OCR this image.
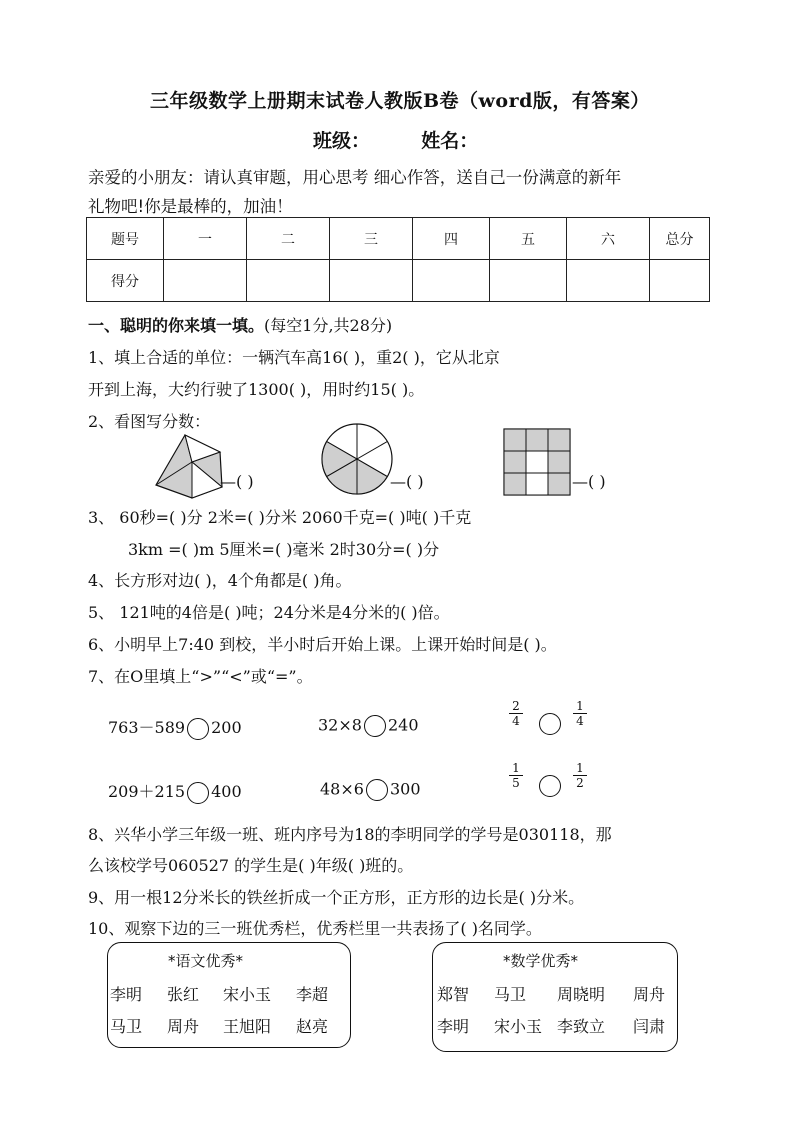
三年级数学上册期末试卷人教版B卷（word版，有答案）
班级：	姓名：
亲爱的小朋友：请认真审题，用心思考 细心作答，送自己一份满意的新年
礼物吧!你是最棒的，加油！
题号	一	二	三	四	五	六	总分
得分							
一、聪明的你来填一填。(每空1分,共28分)
1、填上合适的单位：一辆汽车高16( )，重2( )，它从北京
开到上海，大约行驶了1300( )，用时约15( )。
2、看图写分数：
—( )	—( )	—( )
3、 60秒=( )分 2米=( )分米 2060千克=( )吨( )千克
3km =( )m 5厘米=( )毫米 2时30分=( )分
4、长方形对边( )，4个角都是( )角。
5、 121吨的4倍是( )吨；24分米是4分米的( )倍。
6、小明早上7:40 到校，半小时后开始上课。上课开始时间是( )。
7、在O里填上“>”“<”或“=”。
763－589 200	32×8 240	$\frac{2}{4}$	$\frac{1}{4}$
209＋215 400	48×6 300	$\frac{1}{5}$	$\frac{1}{2}$
8、兴华小学三年级一班、班内序号为18的李明同学的学号是030118，那
么该校学号060527 的学生是( )年级( )班的。
9、用一根12分米长的铁丝折成一个正方形，正方形的边长是( )分米。
10、观察下边的三一班优秀栏，优秀栏里一共表扬了( )名同学。
*语文优秀*
李明 张红 宋小玉 李超
马卫 周舟 王旭阳 赵亮
*数学优秀*
郑智 马卫 周晓明 周舟
李明 宋小玉 李致立 闫肃
